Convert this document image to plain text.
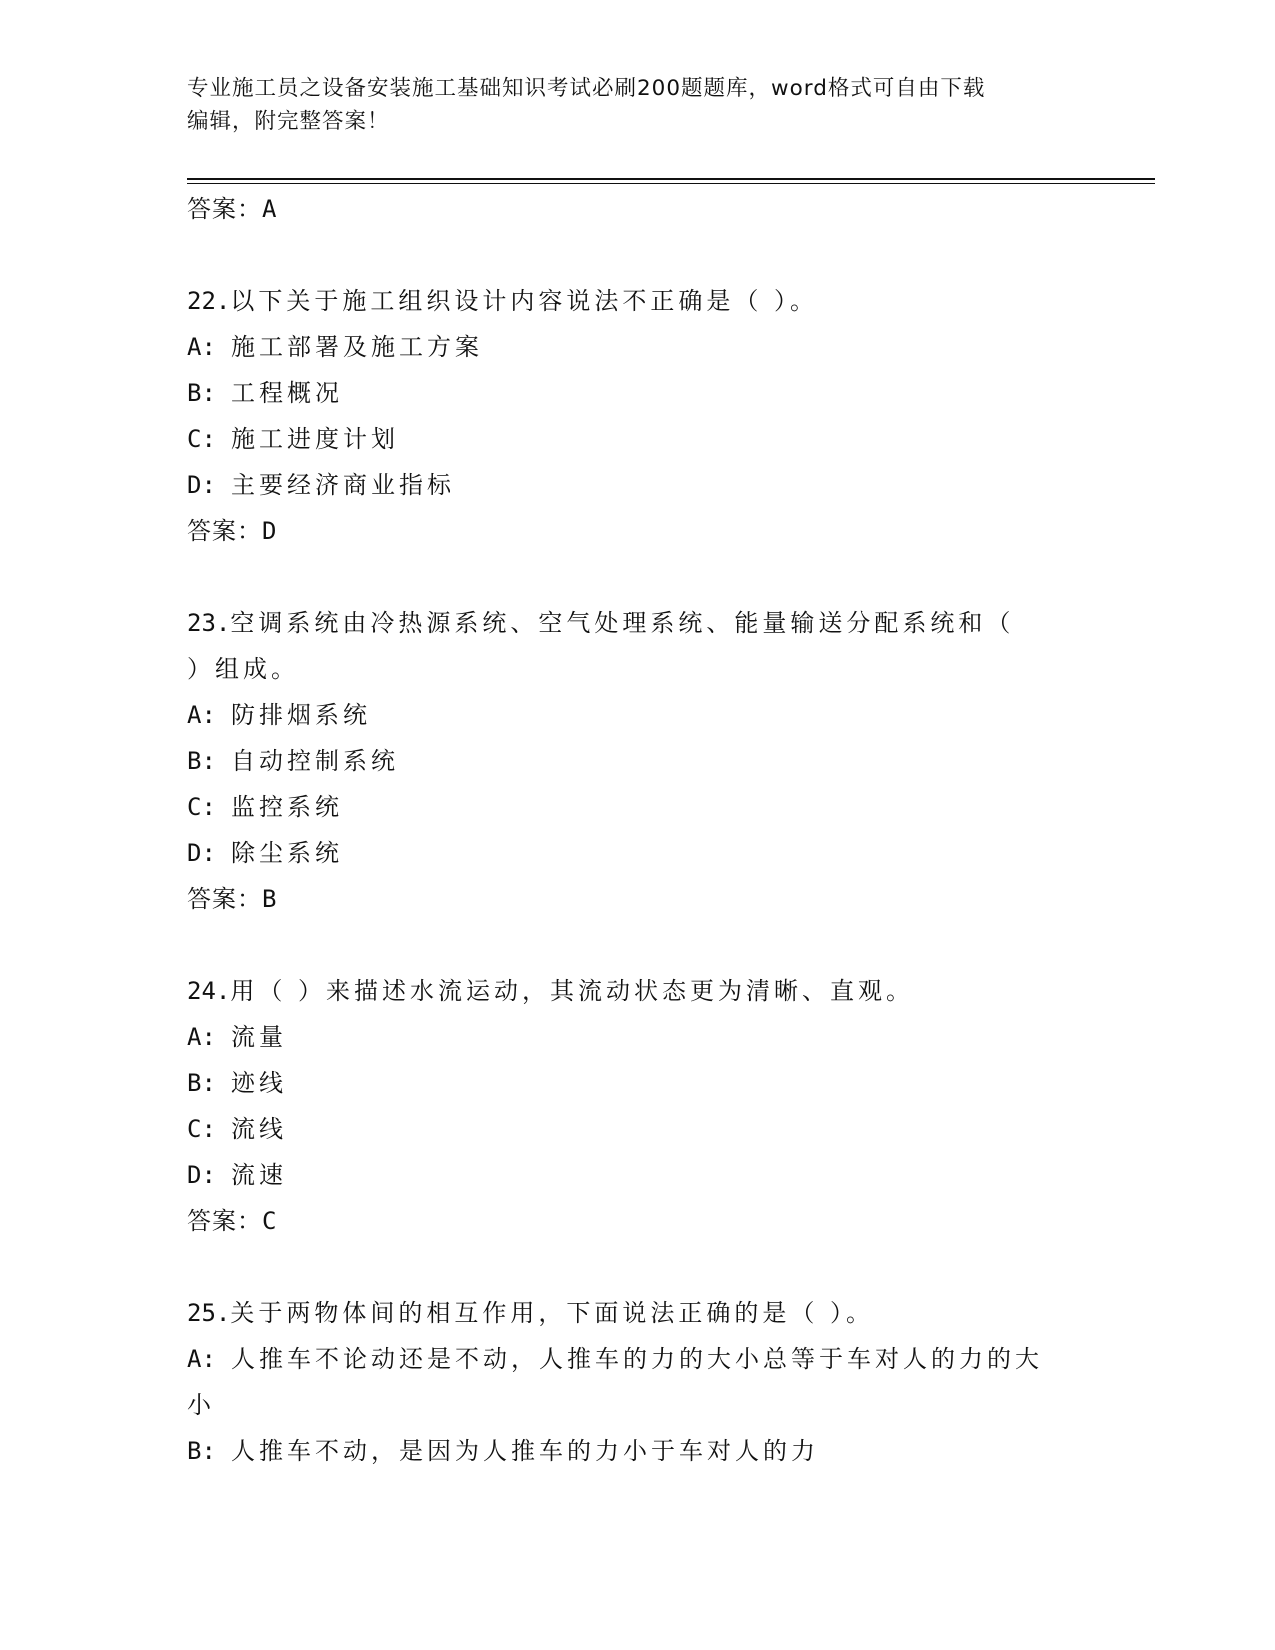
专业施工员之设备安装施工基础知识考试必刷200题题库，word格式可自由下载
编辑，附完整答案！
答案：A
22.以下关于施工组织设计内容说法不正确是（ ）。
A: 施工部署及施工方案
B: 工程概况
C: 施工进度计划
D: 主要经济商业指标
答案：D
23.空调系统由冷热源系统、空气处理系统、能量输送分配系统和（
）组成。
A: 防排烟系统
B: 自动控制系统
C: 监控系统
D: 除尘系统
答案：B
24.用（ ）来描述水流运动，其流动状态更为清晰、直观。
A: 流量
B: 迹线
C: 流线
D: 流速
答案：C
25.关于两物体间的相互作用，下面说法正确的是（ ）。
A: 人推车不论动还是不动，人推车的力的大小总等于车对人的力的大
小
B: 人推车不动，是因为人推车的力小于车对人的力
